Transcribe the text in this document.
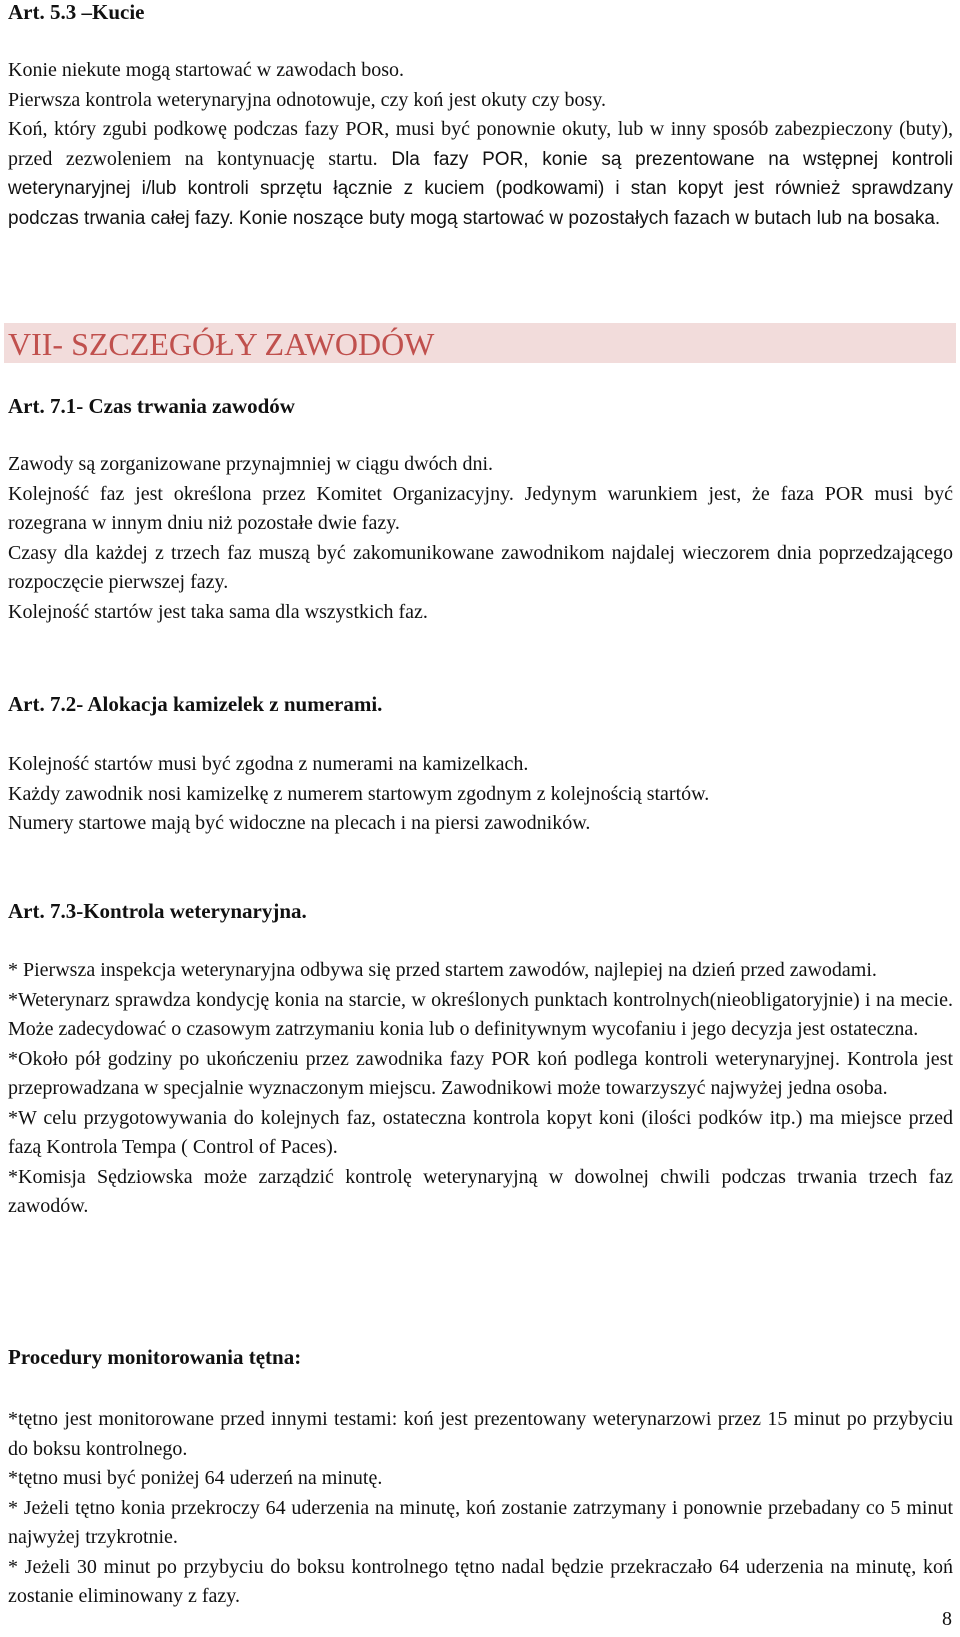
Art. 5.3 –Kucie

Konie niekute mogą startować w zawodach boso.

Pierwsza kontrola weterynaryjna odnotowuje, czy koń jest okuty czy bosy.

Koń, który zgubi podkowę podczas fazy POR, musi być ponownie okuty, lub w inny sposób zabezpieczony (buty), przed zezwoleniem na kontynuację startu. Dla fazy POR, konie są prezentowane na wstępnej kontroli weterynaryjnej i/lub kontroli sprzętu łącznie z kuciem (podkowami) i stan kopyt jest również sprawdzany podczas trwania całej fazy. Konie noszące buty mogą startować w pozostałych fazach w butach lub na bosaka.

VII- SZCZEGÓŁY ZAWODÓW
Art. 7.1- Czas trwania zawodów

Zawody są zorganizowane przynajmniej w ciągu dwóch dni.

Kolejność faz jest określona przez Komitet Organizacyjny. Jedynym warunkiem jest, że faza POR musi być rozegrana w innym dniu niż pozostałe dwie fazy.

Czasy dla każdej z trzech faz muszą być zakomunikowane zawodnikom najdalej wieczorem dnia poprzedzającego rozpoczęcie pierwszej fazy.

Kolejność startów jest taka sama dla wszystkich faz.

Art. 7.2- Alokacja kamizelek z numerami.

Kolejność startów musi być zgodna z numerami na kamizelkach.

Każdy zawodnik nosi kamizelkę z numerem startowym zgodnym z kolejnością startów.

Numery startowe mają być widoczne na plecach i na piersi zawodników.

Art. 7.3-Kontrola weterynaryjna.

* Pierwsza inspekcja weterynaryjna odbywa się przed startem zawodów, najlepiej na dzień przed zawodami.

*Weterynarz sprawdza kondycję konia na starcie, w określonych punktach kontrolnych(nieobligatoryjnie) i na mecie. Może zadecydować o czasowym zatrzymaniu konia lub o definitywnym wycofaniu i jego decyzja jest ostateczna.

*Około pół godziny po ukończeniu przez zawodnika fazy POR koń podlega kontroli weterynaryjnej. Kontrola jest przeprowadzana w specjalnie wyznaczonym miejscu. Zawodnikowi może towarzyszyć najwyżej jedna osoba.

*W celu przygotowywania do kolejnych faz, ostateczna kontrola kopyt koni (ilości podków itp.) ma miejsce przed fazą Kontrola Tempa ( Control of Paces).

*Komisja Sędziowska może zarządzić kontrolę weterynaryjną w dowolnej chwili podczas trwania trzech faz zawodów.

Procedury monitorowania tętna:

*tętno jest monitorowane przed innymi testami: koń jest prezentowany weterynarzowi przez 15 minut po przybyciu do boksu kontrolnego.

*tętno musi być poniżej 64 uderzeń na minutę.

* Jeżeli tętno konia przekroczy 64 uderzenia na minutę, koń zostanie zatrzymany i ponownie przebadany co 5 minut najwyżej trzykrotnie.

* Jeżeli 30 minut po przybyciu do boksu kontrolnego tętno nadal będzie przekraczało 64 uderzenia na minutę, koń zostanie eliminowany z fazy.

8
